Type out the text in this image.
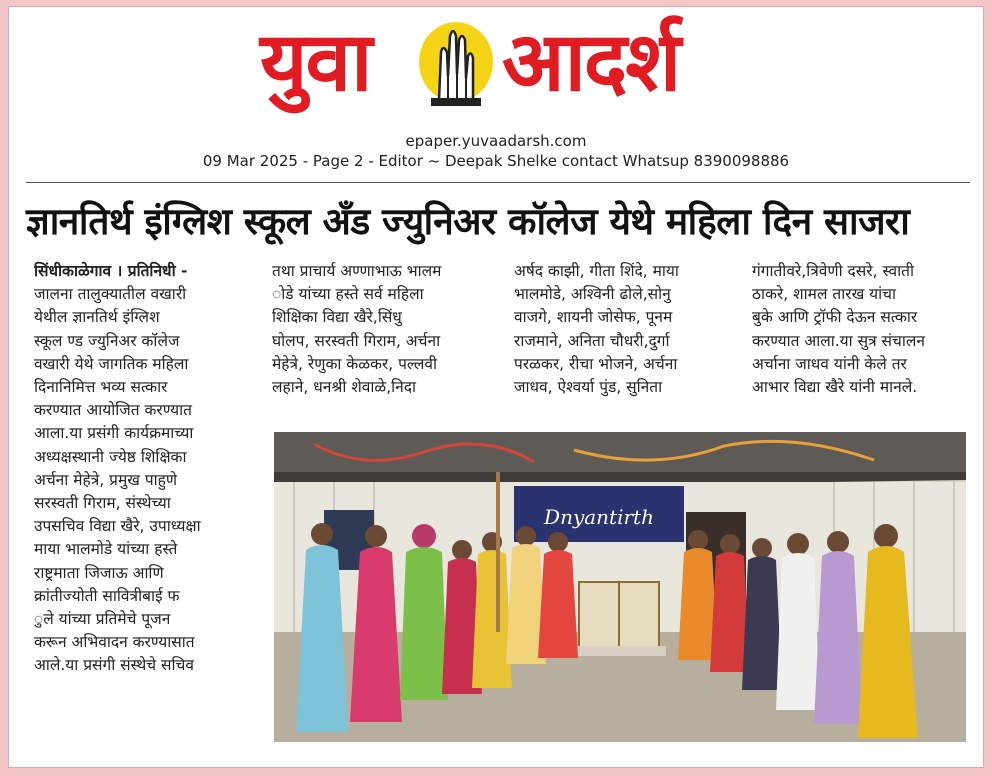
युवा आदर्श
epaper.yuvaadarsh.com
09 Mar 2025 - Page 2 - Editor ~ Deepak Shelke contact Whatsup 8390098886
ज्ञानतिर्थ इंग्लिश स्कूल अँड ज्युनिअर कॉलेज येथे महिला दिन साजरा
सिंधीकाळेगाव । प्रतिनिधी -
जालना तालुक्यातील वखारी
येथील ज्ञानतिर्थ इंग्लिश
स्कूल ण्ड ज्युनिअर कॉलेज
वखारी येथे जागतिक महिला
दिनानिमित्त भव्य सत्कार
करण्यात आयोजित करण्यात
आला.या प्रसंगी कार्यक्रमाच्या
अध्यक्षस्थानी ज्येष्ठ शिक्षिका
अर्चना मेहेत्रे, प्रमुख पाहुणे
सरस्वती गिराम, संस्थेच्या
उपसचिव विद्या खैरे, उपाध्यक्षा
माया भालमोडे यांच्या हस्ते
राष्ट्रमाता जिजाऊ आणि
क्रांतीज्योती सावित्रीबाई फ
ुले यांच्या प्रतिमेचे पूजन
करून अभिवादन करण्यासात
आले.या प्रसंगी संस्थेचे सचिव
तथा प्राचार्य अण्णाभाऊ भालम
ोडे यांच्या हस्ते सर्व महिला
शिक्षिका विद्या खैरे,सिंधु
घोलप, सरस्वती गिराम, अर्चना
मेहेत्रे, रेणुका केळकर, पल्लवी
लहाने, धनश्री शेवाळे,निदा
अर्षद काझी, गीता शिंदे, माया
भालमोडे, अश्विनी ढोले,सोनु
वाजगे, शायनी जोसेफ, पूनम
राजमाने, अनिता चौधरी,दुर्गा
परळकर, रीचा भोजने, अर्चना
जाधव, ऐश्वर्या पुंड, सुनिता
गंगातीवरे,त्रिवेणी दसरे, स्वाती
ठाकरे, शामल तारख यांचा
बुके आणि ट्रॉफी देऊन सत्कार
करण्यात आला.या सुत्र संचालन
अर्चाना जाधव यांनी केले तर
आभार विद्या खैरे यांनी मानले.
Dnyantirth
